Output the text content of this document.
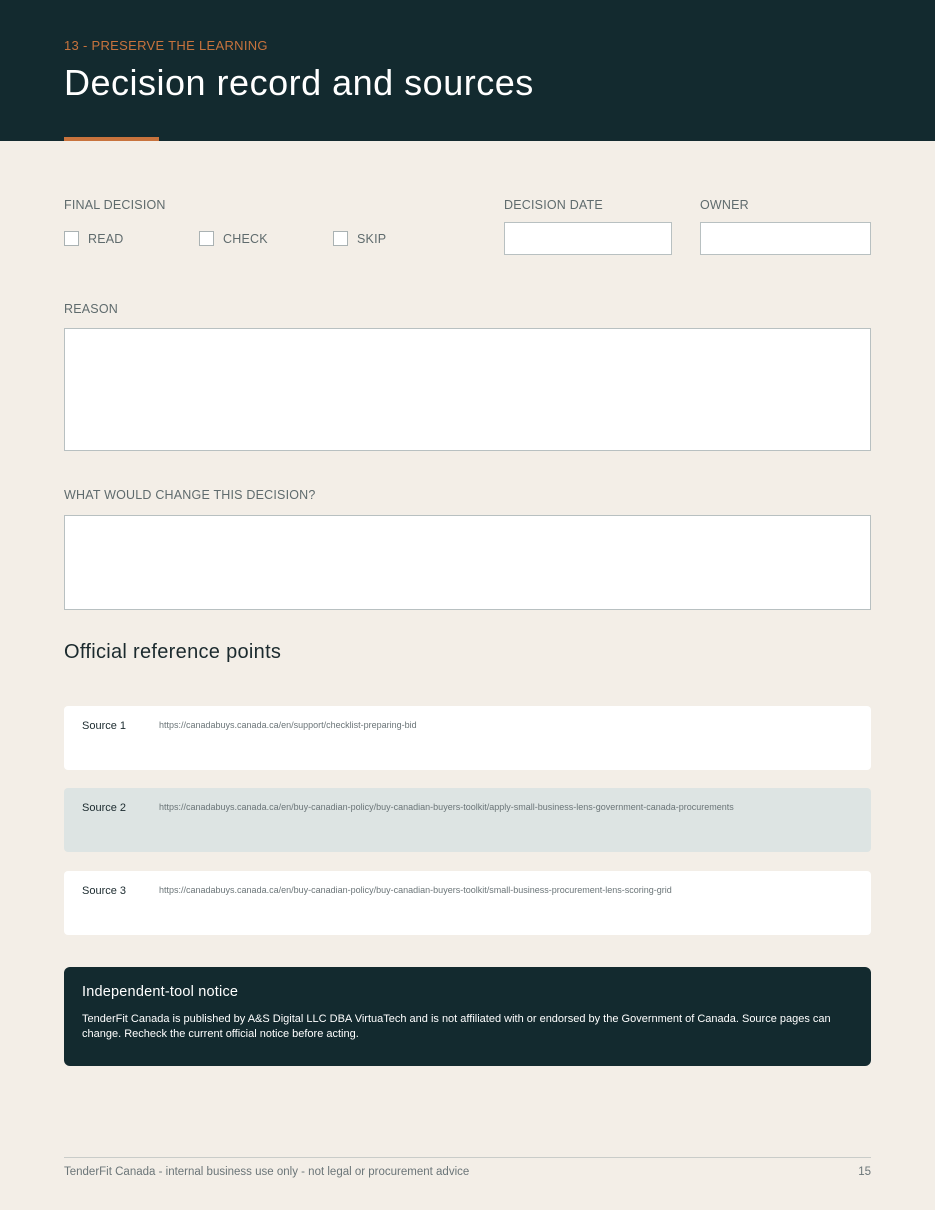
13 - PRESERVE THE LEARNING
Decision record and sources
FINAL DECISION
READ	CHECK	SKIP
DECISION DATE	OWNER
REASON
WHAT WOULD CHANGE THIS DECISION?
Official reference points
Source 1	https://canadabuys.canada.ca/en/support/checklist-preparing-bid
Source 2	https://canadabuys.canada.ca/en/buy-canadian-policy/buy-canadian-buyers-toolkit/apply-small-business-lens-government-canada-procurements
Source 3	https://canadabuys.canada.ca/en/buy-canadian-policy/buy-canadian-buyers-toolkit/small-business-procurement-lens-scoring-grid
Independent-tool notice
TenderFit Canada is published by A&S Digital LLC DBA VirtuaTech and is not affiliated with or endorsed by the Government of Canada. Source pages can change. Recheck the current official notice before acting.
TenderFit Canada - internal business use only - not legal or procurement advice	15
